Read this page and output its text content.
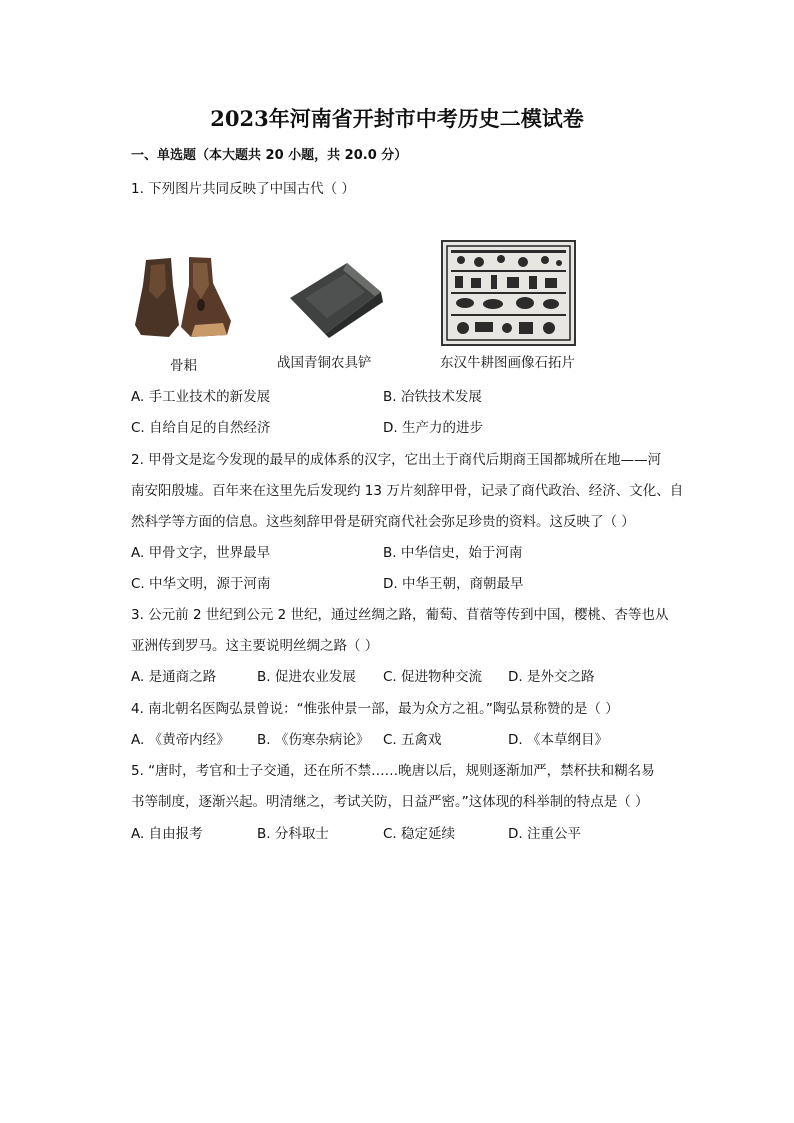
2023年河南省开封市中考历史二模试卷
一、单选题（本大题共 20 小题，共 20.0 分）
1. 下列图片共同反映了中国古代（ ）
骨耜	战国青铜农具铲	东汉牛耕图画像石拓片
A. 手工业技术的新发展	B. 冶铁技术发展
C. 自给自足的自然经济	D. 生产力的进步
2. 甲骨文是迄今发现的最早的成体系的汉字，它出土于商代后期商王国都城所在地——河
南安阳殷墟。百年来在这里先后发现约 13 万片刻辞甲骨，记录了商代政治、经济、文化、自
然科学等方面的信息。这些刻辞甲骨是研究商代社会弥足珍贵的资料。这反映了（ ）
A. 甲骨文字，世界最早	B. 中华信史，始于河南
C. 中华文明，源于河南	D. 中华王朝，商朝最早
3. 公元前 2 世纪到公元 2 世纪，通过丝绸之路，葡萄、苜蓿等传到中国，樱桃、杏等也从
亚洲传到罗马。这主要说明丝绸之路（ ）
A. 是通商之路	B. 促进农业发展 C. 促进物种交流 D. 是外交之路
4. 南北朝名医陶弘景曾说：“惟张仲景一部，最为众方之祖。”陶弘景称赞的是（ ）
A. 《黄帝内经》 B. 《伤寒杂病论》 C. 五禽戏	D. 《本草纲目》
5. “唐时，考官和士子交通，还在所不禁……晚唐以后，规则逐渐加严，禁杯扶和糊名易
书等制度，逐渐兴起。明清继之，考试关防，日益严密。”这体现的科举制的特点是（ ）
A. 自由报考	B. 分科取士	C. 稳定延续	D. 注重公平
